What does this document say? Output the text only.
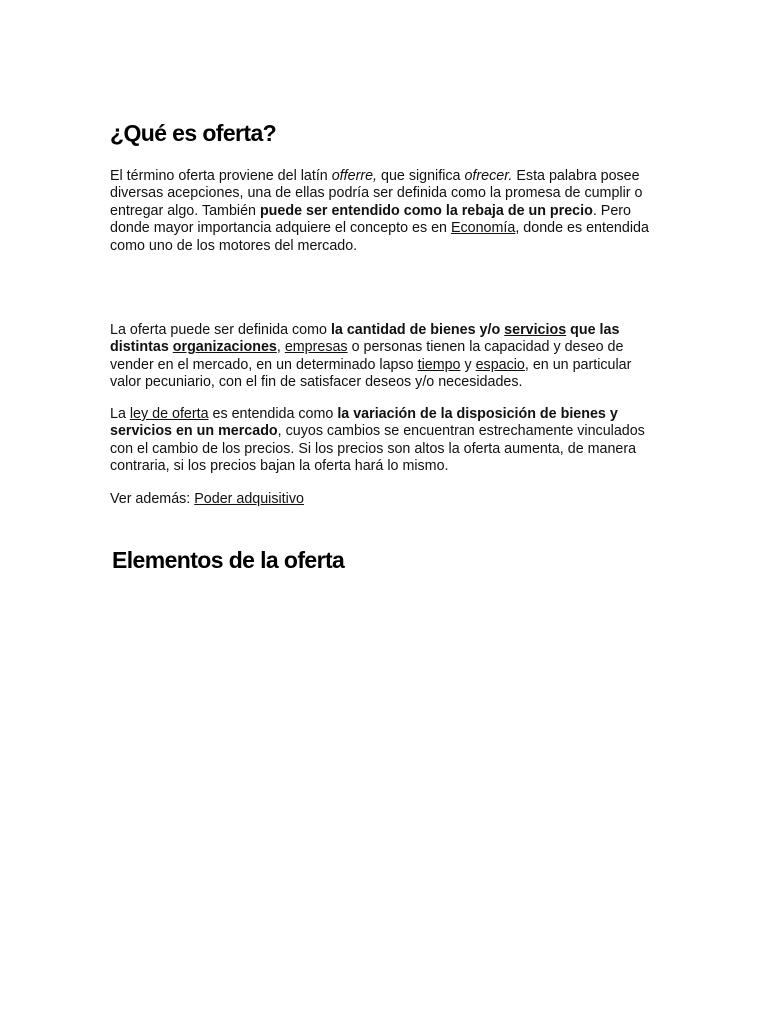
¿Qué es oferta?

El término oferta proviene del latín offerre, que significa ofrecer. Esta palabra posee diversas acepciones, una de ellas podría ser definida como la promesa de cumplir o entregar algo. También puede ser entendido como la rebaja de un precio. Pero donde mayor importancia adquiere el concepto es en Economía, donde es entendida como uno de los motores del mercado.

La oferta puede ser definida como la cantidad de bienes y/o servicios que las distintas organizaciones, empresas o personas tienen la capacidad y deseo de vender en el mercado, en un determinado lapso tiempo y espacio, en un particular valor pecuniario, con el fin de satisfacer deseos y/o necesidades.

La ley de oferta es entendida como la variación de la disposición de bienes y servicios en un mercado, cuyos cambios se encuentran estrechamente vinculados con el cambio de los precios. Si los precios son altos la oferta aumenta, de manera contraria, si los precios bajan la oferta hará lo mismo.

Ver además: Poder adquisitivo

Elementos de la oferta
